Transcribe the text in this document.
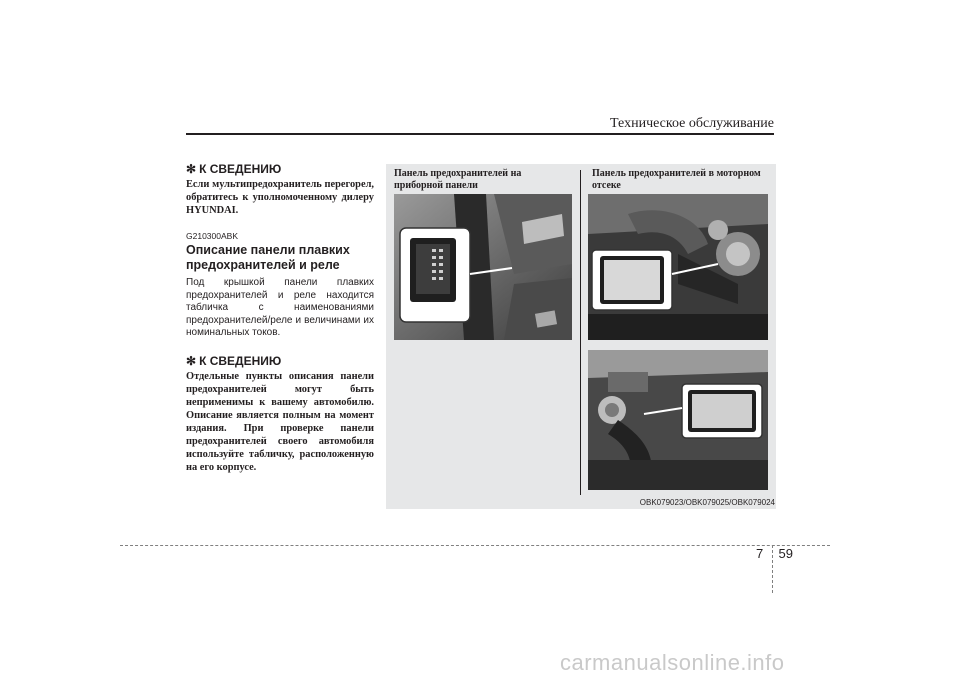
Техническое обслуживание
✻ К СВЕДЕНИЮ
Если мультипредохранитель перегорел, обратитесь к уполномоченному дилеру HYUNDAI.
G210300ABK
Описание панели плавких предохранителей и реле
Под крышкой панели плавких предохранителей и реле находится табличка с наименованиями предохранителей/реле и величинами их номинальных токов.
✻ К СВЕДЕНИЮ
Отдельные пункты описания панели предохранителей могут быть неприменимы к вашему автомобилю. Описание является полным на момент издания. При проверке панели предохранителей своего автомобиля используйте табличку, расположенную на его корпусе.
Панель предохранителей на приборной панели
Панель предохранителей в моторном отсеке
OBK079023/OBK079025/OBK079024
7 59
carmanualsonline.info
